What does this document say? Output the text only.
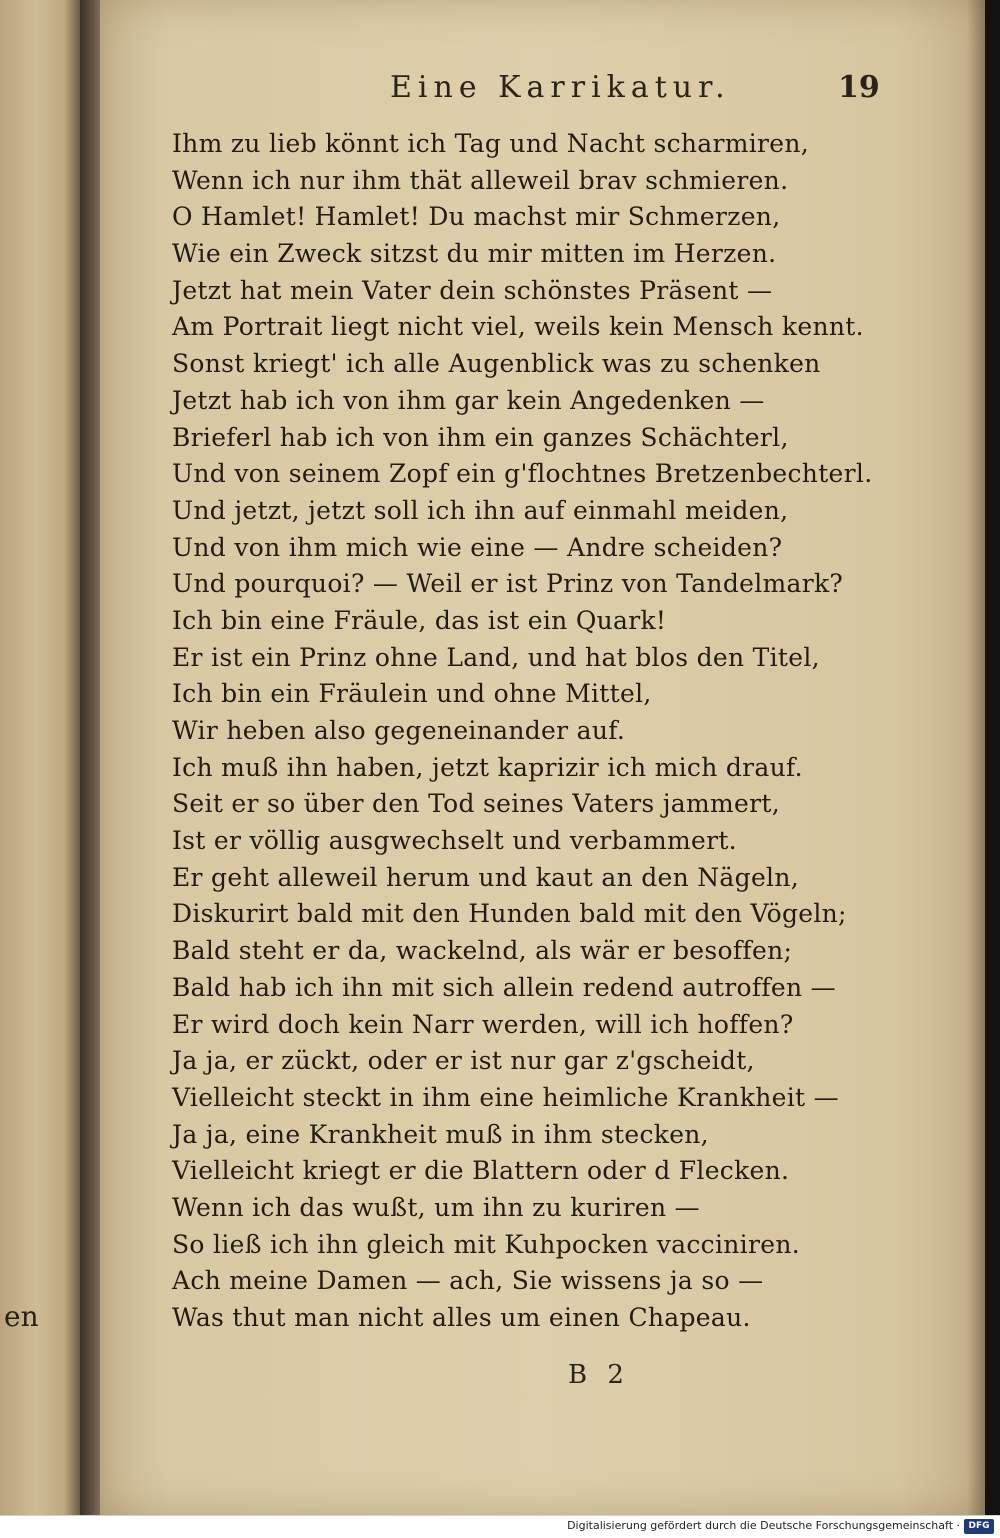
en
Eine Karrikatur.	19
Ihm zu lieb könnt ich Tag und Nacht scharmiren,
Wenn ich nur ihm thät alleweil brav schmieren.
O Hamlet! Hamlet! Du machst mir Schmerzen,
Wie ein Zweck sitzst du mir mitten im Herzen.
Jetzt hat mein Vater dein schönstes Präsent —
Am Portrait liegt nicht viel, weils kein Mensch kennt.
Sonst kriegt' ich alle Augenblick was zu schenken
Jetzt hab ich von ihm gar kein Angedenken —
Brieferl hab ich von ihm ein ganzes Schächterl,
Und von seinem Zopf ein g'flochtnes Bretzenbechterl.
Und jetzt, jetzt soll ich ihn auf einmahl meiden,
Und von ihm mich wie eine — Andre scheiden?
Und pourquoi? — Weil er ist Prinz von Tandelmark?
Ich bin eine Fräule, das ist ein Quark!
Er ist ein Prinz ohne Land, und hat blos den Titel,
Ich bin ein Fräulein und ohne Mittel,
Wir heben also gegeneinander auf.
Ich muß ihn haben, jetzt kaprizir ich mich drauf.
Seit er so über den Tod seines Vaters jammert,
Ist er völlig ausgwechselt und verbammert.
Er geht alleweil herum und kaut an den Nägeln,
Diskurirt bald mit den Hunden bald mit den Vögeln;
Bald steht er da, wackelnd, als wär er besoffen;
Bald hab ich ihn mit sich allein redend autroffen —
Er wird doch kein Narr werden, will ich hoffen?
Ja ja, er zückt, oder er ist nur gar z'gscheidt,
Vielleicht steckt in ihm eine heimliche Krankheit —
Ja ja, eine Krankheit muß in ihm stecken,
Vielleicht kriegt er die Blattern oder d Flecken.
Wenn ich das wußt, um ihn zu kuriren —
So ließ ich ihn gleich mit Kuhpocken vacciniren.
Ach meine Damen — ach, Sie wissens ja so —
Was thut man nicht alles um einen Chapeau.
B 2
Digitalisierung gefördert durch die Deutsche Forschungsgemeinschaft · DFG
